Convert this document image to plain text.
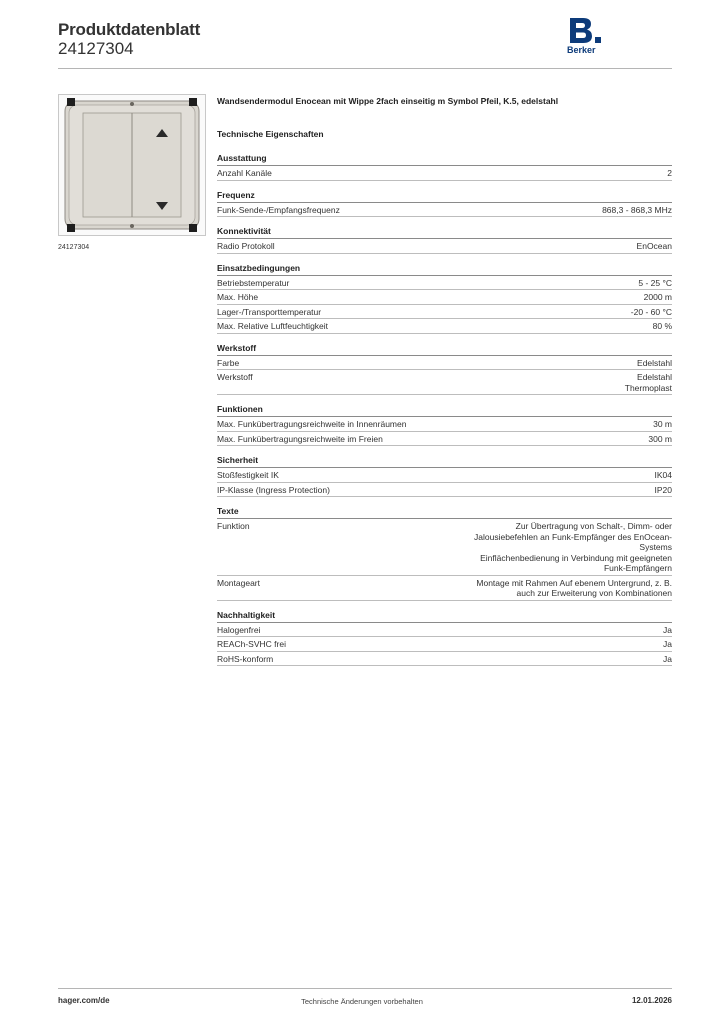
Produktdatenblatt
24127304	Berker
24127304
Wandsendermodul Enocean mit Wippe 2fach einseitig m Symbol Pfeil, K.5, edelstahl
Technische Eigenschaften
Ausstattung
Anzahl Kanäle	2
Frequenz
Funk-Sende-/Empfangsfrequenz	868,3 - 868,3 MHz
Konnektivität
Radio Protokoll	EnOcean
Einsatzbedingungen
Betriebstemperatur	5 - 25 °C
Max. Höhe	2000 m
Lager-/Transporttemperatur	-20 - 60 °C
Max. Relative Luftfeuchtigkeit	80 %
Werkstoff
Farbe	Edelstahl
Werkstoff	Edelstahl
Thermoplast
Funktionen
Max. Funkübertragungsreichweite in Innenräumen	30 m
Max. Funkübertragungsreichweite im Freien	300 m
Sicherheit
Stoßfestigkeit IK	IK04
IP-Klasse (Ingress Protection)	IP20
Texte
Funktion	Zur Übertragung von Schalt-, Dimm- oder
Jalousiebefehlen an Funk-Empfänger des EnOcean-
Systems
Einflächenbedienung in Verbindung mit geeigneten
Funk-Empfängern
Montageart	Montage mit Rahmen Auf ebenem Untergrund, z. B.
auch zur Erweiterung von Kombinationen
Nachhaltigkeit
Halogenfrei	Ja
REACh-SVHC frei	Ja
RoHS-konform	Ja
hager.com/de	Technische Änderungen vorbehalten	12.01.2026
